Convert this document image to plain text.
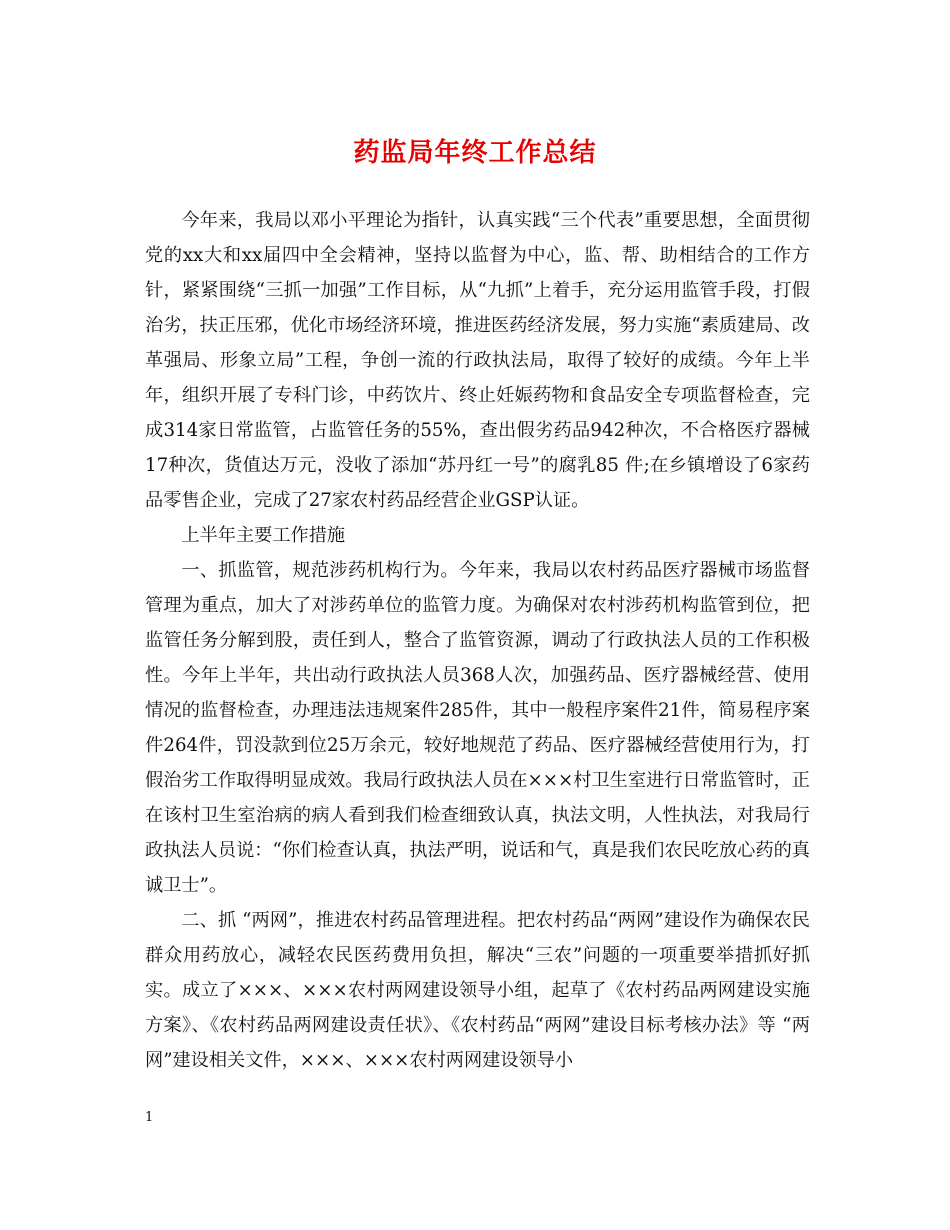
药监局年终工作总结

今年来，我局以邓小平理论为指针，认真实践“三个代表”重要思想，全面贯彻党的xx大和xx届四中全会精神，坚持以监督为中心，监、帮、助相结合的工作方针，紧紧围绕“三抓一加强”工作目标，从“九抓”上着手，充分运用监管手段，打假治劣，扶正压邪，优化市场经济环境，推进医药经济发展，努力实施“素质建局、改革强局、形象立局”工程，争创一流的行政执法局，取得了较好的成绩。今年上半年，组织开展了专科门诊，中药饮片、终止妊娠药物和食品安全专项监督检查，完成314家日常监管，占监管任务的55%，查出假劣药品942种次，不合格医疗器械17种次，货值达万元，没收了添加“苏丹红一号”的腐乳85 件;在乡镇增设了6家药品零售企业，完成了27家农村药品经营企业GSP认证。

上半年主要工作措施

一、抓监管，规范涉药机构行为。今年来，我局以农村药品医疗器械市场监督管理为重点，加大了对涉药单位的监管力度。为确保对农村涉药机构监管到位，把监管任务分解到股，责任到人，整合了监管资源，调动了行政执法人员的工作积极性。今年上半年，共出动行政执法人员368人次，加强药品、医疗器械经营、使用情况的监督检查，办理违法违规案件285件，其中一般程序案件21件，简易程序案件264件，罚没款到位25万余元，较好地规范了药品、医疗器械经营使用行为，打假治劣工作取得明显成效。我局行政执法人员在×××村卫生室进行日常监管时，正在该村卫生室治病的病人看到我们检查细致认真，执法文明，人性执法，对我局行政执法人员说：“你们检查认真，执法严明，说话和气，真是我们农民吃放心药的真诚卫士”。

二、抓 “两网”，推进农村药品管理进程。把农村药品“两网”建设作为确保农民群众用药放心，减轻农民医药费用负担，解决“三农”问题的一项重要举措抓好抓实。成立了×××、×××农村两网建设领导小组，起草了《农村药品两网建设实施方案》、《农村药品两网建设责任状》、《农村药品“两网”建设目标考核办法》等 “两网”建设相关文件，×××、×××农村两网建设领导小

1
